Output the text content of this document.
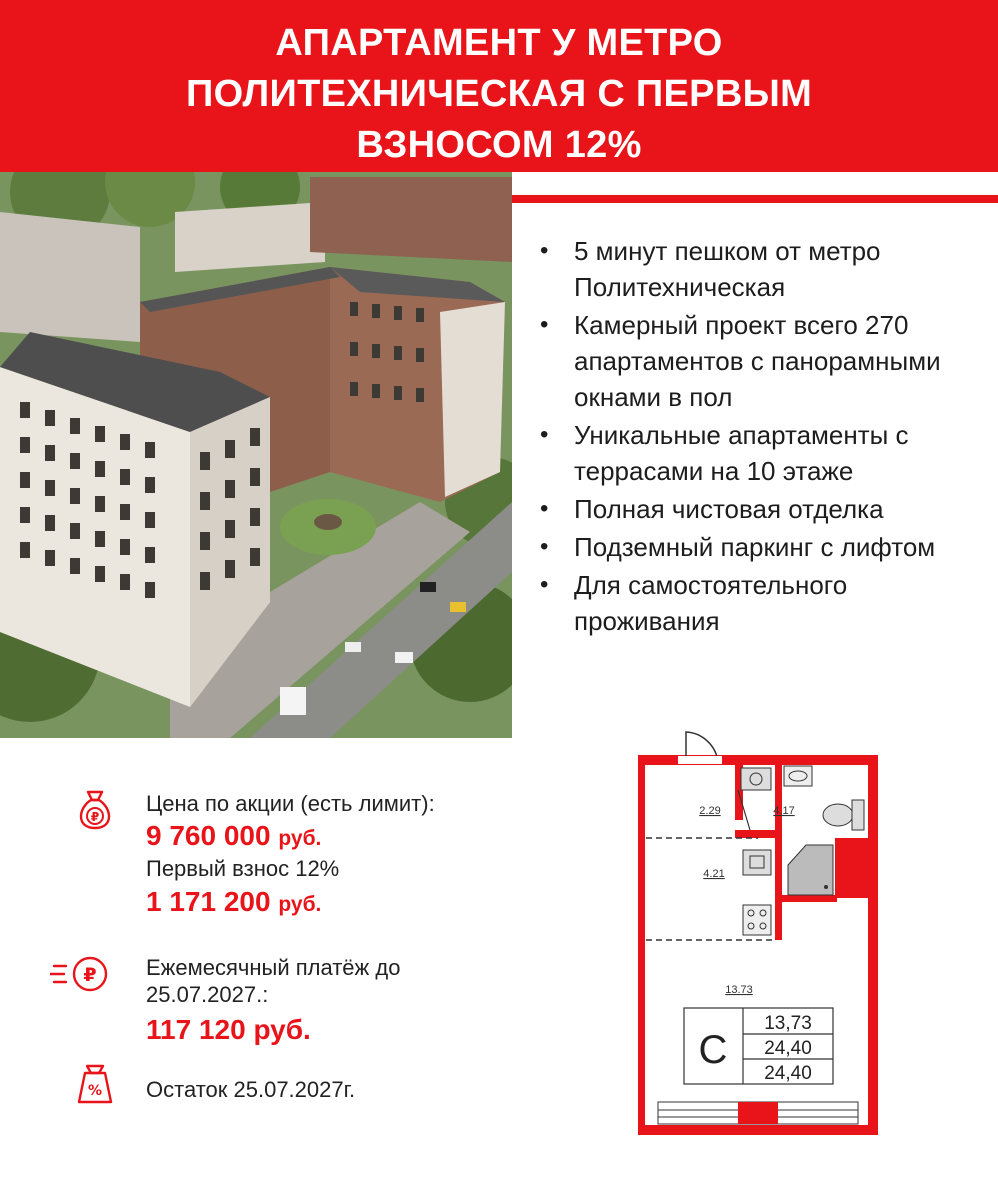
АПАРТАМЕНТ У МЕТРО
ПОЛИТЕХНИЧЕСКАЯ С ПЕРВЫМ
ВЗНОСОМ 12%
• 5 минут пешком от метро Политехническая
• Камерный проект всего 270 апартаментов с панорамными окнами в пол
• Уникальные апартаменты с террасами на 10 этаже
• Полная чистовая отделка
• Подземный паркинг с лифтом
• Для самостоятельного проживания
₽
Цена по акции (есть лимит):
9 760 000 руб.
Первый взнос 12%
1 171 200 руб.
₽ Ежемесячный платёж до
25.07.2027.:
117 120 руб.
% Остаток 25.07.2027г.
2.29	4.17
4.21
13.73
C
13,73
24,40
24,40
